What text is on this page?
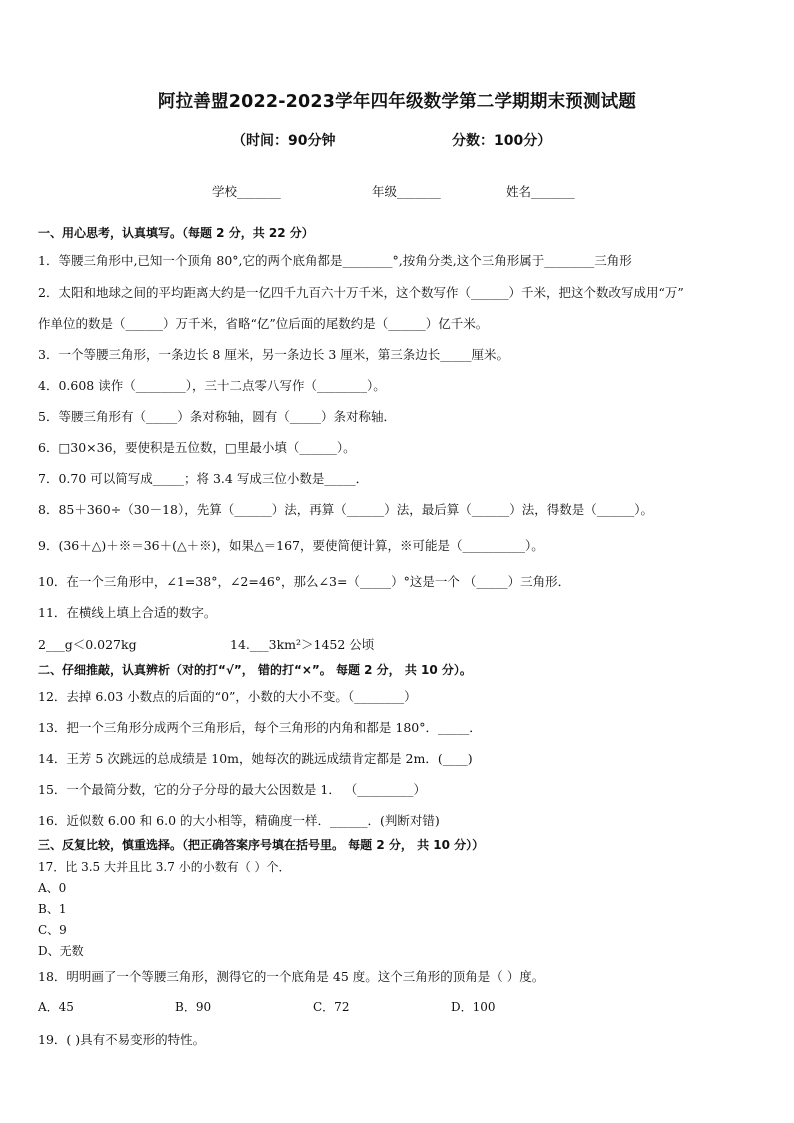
阿拉善盟2022-2023学年四年级数学第二学期期末预测试题
（时间：90分钟	分数：100分）
学校_______	年级_______	姓名_______
一、用心思考，认真填写。（每题 2 分，共 22 分）
1．等腰三角形中,已知一个顶角 80°,它的两个底角都是________°,按角分类,这个三角形属于________三角形
2．太阳和地球之间的平均距离大约是一亿四千九百六十万千米，这个数写作（______）千米，把这个数改写成用“万”
作单位的数是（______）万千米，省略“亿”位后面的尾数约是（______）亿千米。
3．一个等腰三角形，一条边长 8 厘米，另一条边长 3 厘米，第三条边长_____厘米。
4．0.608 读作（________），三十二点零八写作（________）。
5．等腰三角形有（_____）条对称轴，圆有（_____）条对称轴．
6．□30×36，要使积是五位数，□里最小填（______）。
7．0.70 可以简写成_____；将 3.4 写成三位小数是_____．
8．85＋360÷（30－18），先算（______）法，再算（______）法，最后算（______）法，得数是（______）。
9．(36＋△)＋※＝36＋(△＋※)，如果△＝167，要使简便计算，※可能是（__________）。
10．在一个三角形中，∠1=38°，∠2=46°，那么∠3=（_____）°这是一个 （_____）三角形．
11．在横线上填上合适的数字。
2___g＜0.027kg	14.___3km²＞1452 公顷
二、仔细推敲，认真辨析（对的打“√”， 错的打“×”。 每题 2 分， 共 10 分）。
12．去掉 6.03 小数点的后面的“0”，小数的大小不变。（________）
13．把一个三角形分成两个三角形后，每个三角形的内角和都是 180°．_____．
14．王芳 5 次跳远的总成绩是 10m，她每次的跳远成绩肯定都是 2m．(____)
15．一个最简分数，它的分子分母的最大公因数是 1． （_________）
16．近似数 6.00 和 6.0 的大小相等，精确度一样．______．(判断对错)
三、反复比较，慎重选择。（把正确答案序号填在括号里。 每题 2 分， 共 10 分））
17．比 3.5 大并且比 3.7 小的小数有（ ）个．
A、0
B、1
C、9
D、无数
18．明明画了一个等腰三角形，测得它的一个底角是 45 度。这个三角形的顶角是（ ）度。
A．45	B．90	C．72	D．100
19．( )具有不易变形的特性。
